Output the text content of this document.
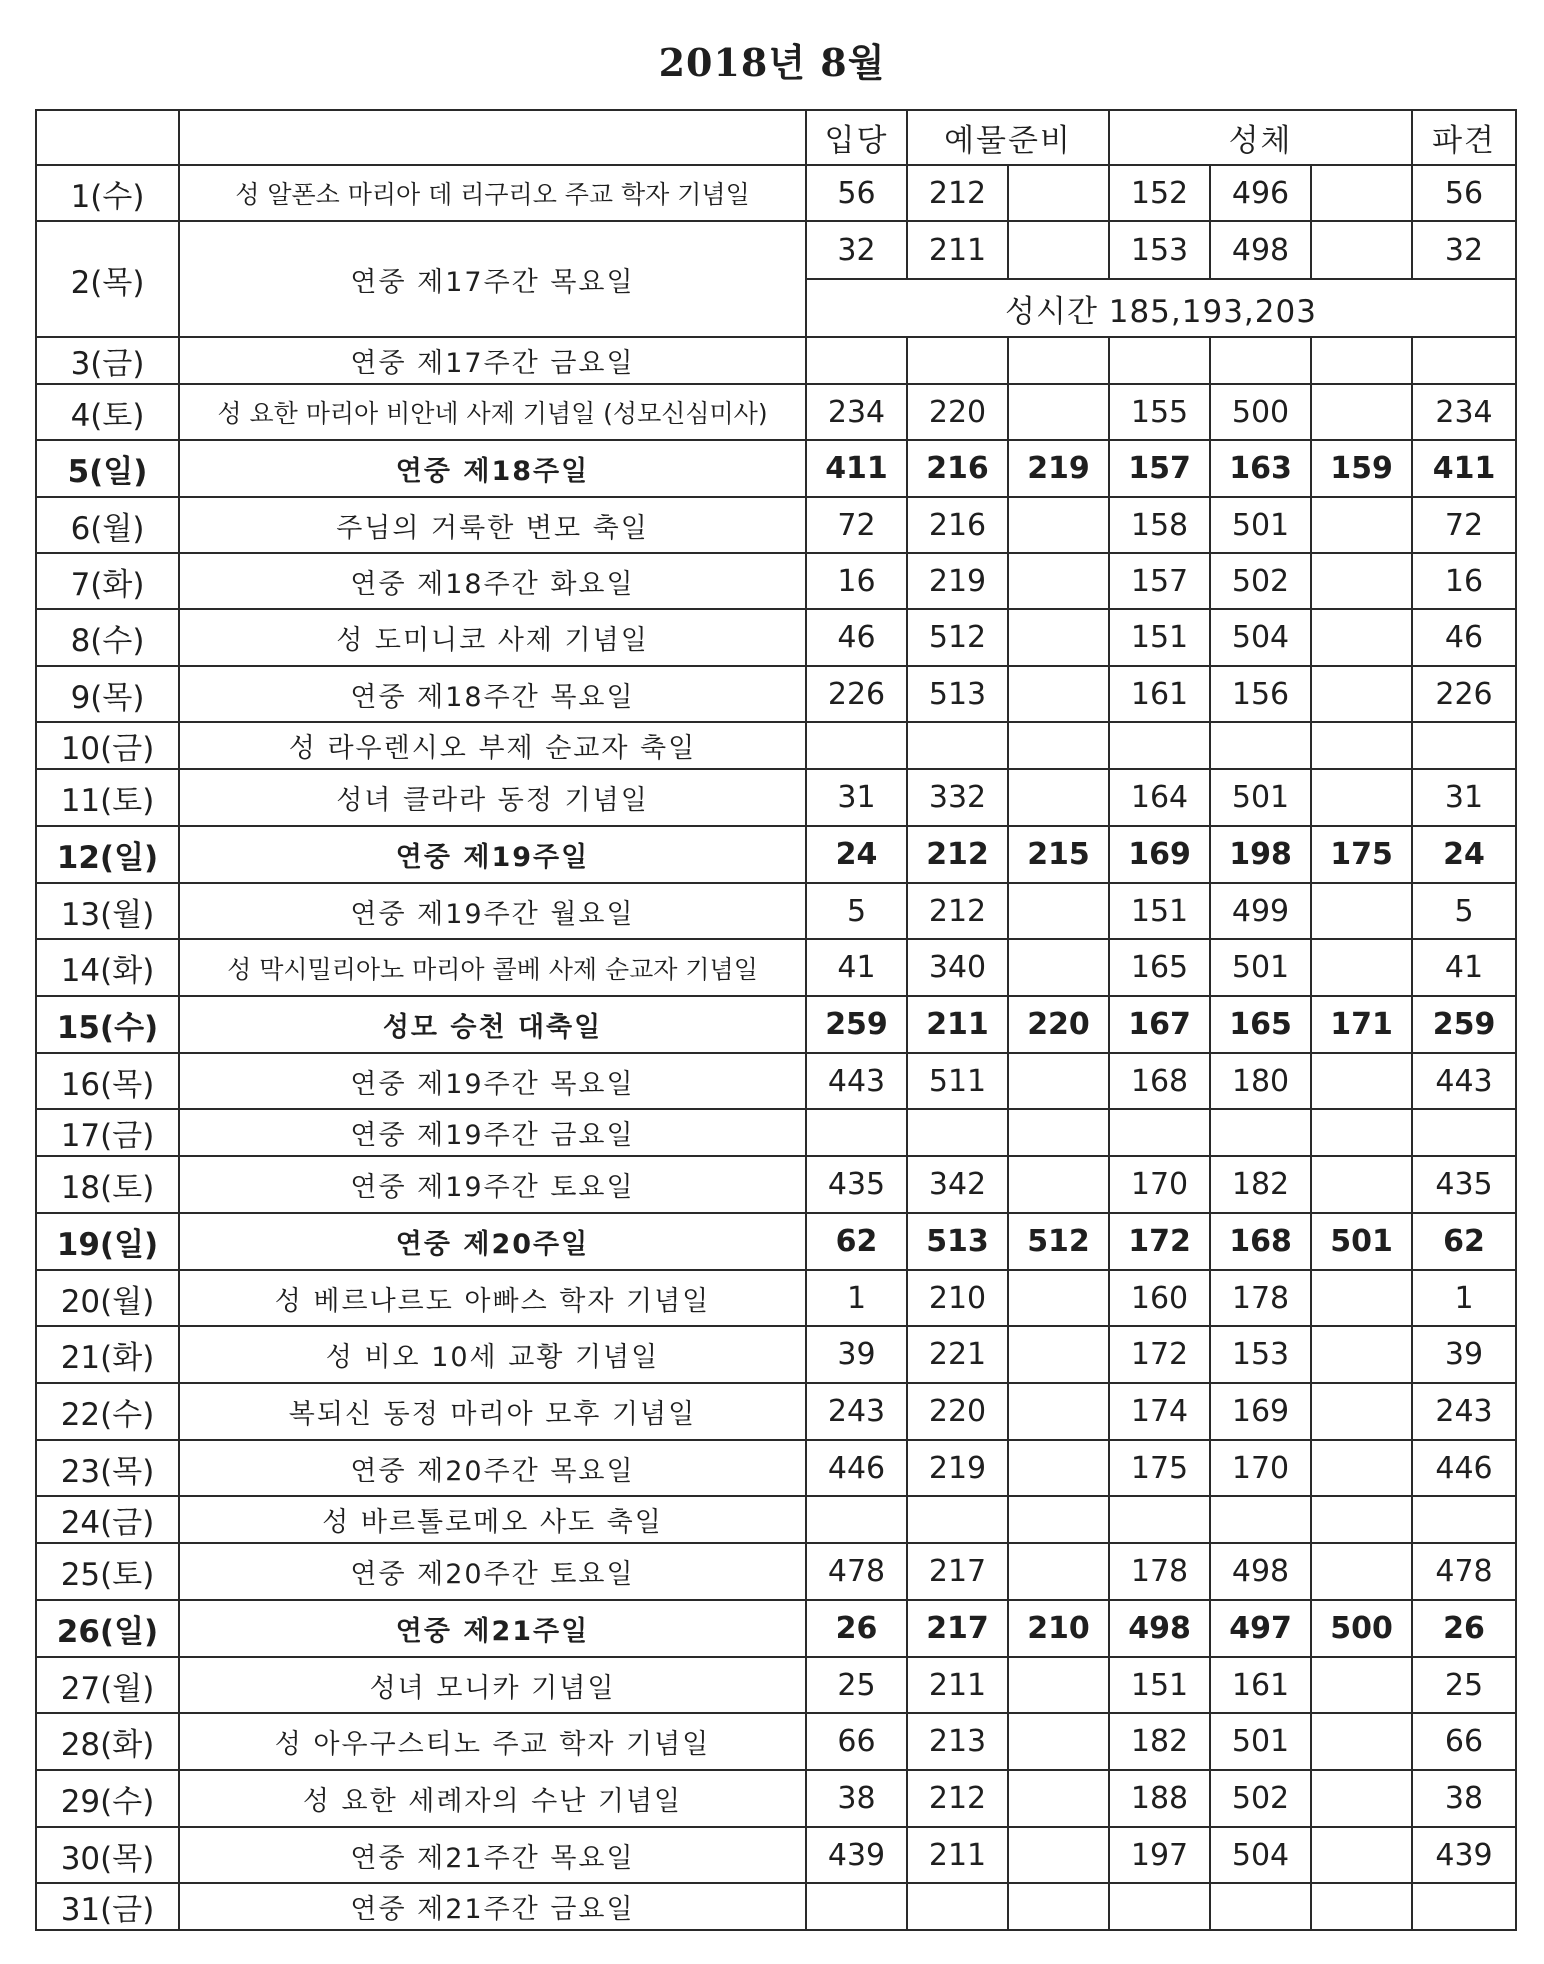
2018년 8월
		입당	예물준비		성체			파견
1(수)	성 알폰소 마리아 데 리구리오 주교 학자 기념일	56	212		152	496		56
2(목)	연중 제17주간 목요일	32	211		153	498		32
		성시간 185,193,203						
3(금)	연중 제17주간 금요일							
4(토)	성 요한 마리아 비안네 사제 기념일 (성모신심미사)	234	220		155	500		234
5(일)	연중 제18주일	411	216	219	157	163	159	411
6(월)	주님의 거룩한 변모 축일	72	216		158	501		72
7(화)	연중 제18주간 화요일	16	219		157	502		16
8(수)	성 도미니코 사제 기념일	46	512		151	504		46
9(목)	연중 제18주간 목요일	226	513		161	156		226
10(금)	성 라우렌시오 부제 순교자 축일							
11(토)	성녀 클라라 동정 기념일	31	332		164	501		31
12(일)	연중 제19주일	24	212	215	169	198	175	24
13(월)	연중 제19주간 월요일	5	212		151	499		5
14(화)	성 막시밀리아노 마리아 콜베 사제 순교자 기념일	41	340		165	501		41
15(수)	성모 승천 대축일	259	211	220	167	165	171	259
16(목)	연중 제19주간 목요일	443	511		168	180		443
17(금)	연중 제19주간 금요일							
18(토)	연중 제19주간 토요일	435	342		170	182		435
19(일)	연중 제20주일	62	513	512	172	168	501	62
20(월)	성 베르나르도 아빠스 학자 기념일	1	210		160	178		1
21(화)	성 비오 10세 교황 기념일	39	221		172	153		39
22(수)	복되신 동정 마리아 모후 기념일	243	220		174	169		243
23(목)	연중 제20주간 목요일	446	219		175	170		446
24(금)	성 바르톨로메오 사도 축일							
25(토)	연중 제20주간 토요일	478	217		178	498		478
26(일)	연중 제21주일	26	217	210	498	497	500	26
27(월)	성녀 모니카 기념일	25	211		151	161		25
28(화)	성 아우구스티노 주교 학자 기념일	66	213		182	501		66
29(수)	성 요한 세례자의 수난 기념일	38	212		188	502		38
30(목)	연중 제21주간 목요일	439	211		197	504		439
31(금)	연중 제21주간 금요일							
